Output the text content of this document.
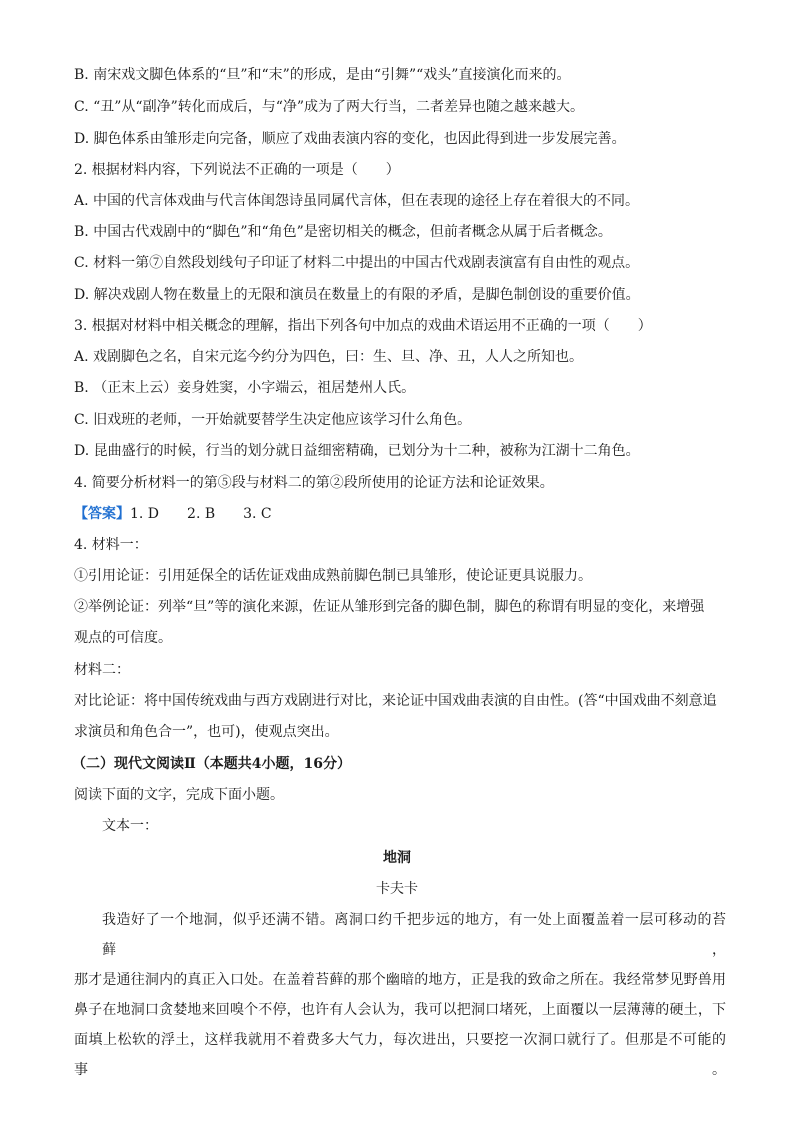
B. 南宋戏文脚色体系的“旦”和“末”的形成，是由“引舞”“戏头”直接演化而来的。
C. “丑”从“副净”转化而成后，与“净”成为了两大行当，二者差异也随之越来越大。
D. 脚色体系由雏形走向完备，顺应了戏曲表演内容的变化，也因此得到进一步发展完善。
2. 根据材料内容，下列说法不正确的一项是（　　）
A. 中国的代言体戏曲与代言体闺怨诗虽同属代言体，但在表现的途径上存在着很大的不同。
B. 中国古代戏剧中的“脚色”和“角色”是密切相关的概念，但前者概念从属于后者概念。
C. 材料一第⑦自然段划线句子印证了材料二中提出的中国古代戏剧表演富有自由性的观点。
D. 解决戏剧人物在数量上的无限和演员在数量上的有限的矛盾，是脚色制创设的重要价值。
3. 根据对材料中相关概念的理解，指出下列各句中加点的戏曲术语运用不正确的一项（　　）
A. 戏剧脚色之名，自宋元迄今约分为四色，曰：生、旦、净、丑，人人之所知也。
B. （正末上云）妾身姓窦，小字端云，祖居楚州人氏。
C. 旧戏班的老师，一开始就要替学生决定他应该学习什么角色。
D. 昆曲盛行的时候，行当的划分就日益细密精确，已划分为十二种，被称为江湖十二角色。
4. 简要分析材料一的第⑤段与材料二的第②段所使用的论证方法和论证效果。
【答案】1. D　　2. B　　3. C
4. 材料一：
①引用论证：引用延保全的话佐证戏曲成熟前脚色制已具雏形，使论证更具说服力。
②举例论证：列举“旦”等的演化来源，佐证从雏形到完备的脚色制，脚色的称谓有明显的变化，来增强
观点的可信度。
材料二：
对比论证：将中国传统戏曲与西方戏剧进行对比，来论证中国戏曲表演的自由性。(答“中国戏曲不刻意追
求演员和角色合一”，也可)，使观点突出。
（二）现代文阅读Ⅱ（本题共4小题，16分）
阅读下面的文字，完成下面小题。
文本一：
地洞
卡夫卡
我造好了一个地洞，似乎还满不错。离洞口约千把步远的地方，有一处上面覆盖着一层可移动的苔藓，
那才是通往洞内的真正入口处。在盖着苔藓的那个幽暗的地方，正是我的致命之所在。我经常梦见野兽用
鼻子在地洞口贪婪地来回嗅个不停，也许有人会认为，我可以把洞口堵死，上面覆以一层薄薄的硬土，下
面填上松软的浮土，这样我就用不着费多大气力，每次进出，只要挖一次洞口就行了。但那是不可能的事。
